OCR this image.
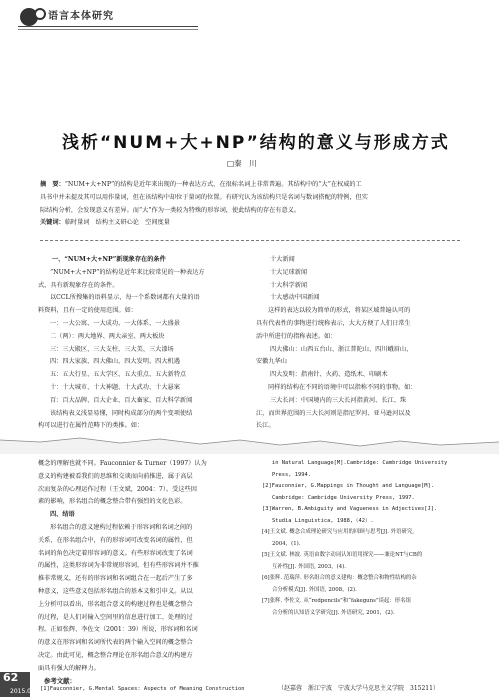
语言本体研究
浅析“NUM+大+NP”结构的意义与形成方式
□秦　川
摘　要：“NUM+大+NP”的结构是近年来出现的一种表达方式，在很标名词上非常普遍。其结构中的“大”在权威的工
具书中并未提及其可以用作量词，但在该结构中却位于量词的位置。有研究认为该结构只是名词与数词搭配的特例，但实
际结构分析，会发现意义有差异。而“大”作为一类较为特殊的形容词，使此结构的存在有意义。
关键词：临时量词　结构主义研心论　空间度量
一、“NUM+大+NP”新现象存在的条件
“NUM+大+NP”的结构是近年来比较常见的一种表达方
式，具有新现象存在的条件。
以CCL所搜集的语料显示，每一个系数词都有大量的语
料资料，且有一定的使用范围。如：
一：一大公寓、一大成功、一大体系、一大盛景
二（两）：两大地界、两大亲室、两大板块
三：三大殿区、三大支柱、三大美、三大漆场
四：四大家族、四大佛山、四大发明、四大机遇
五：五大行星、五大学区、五大重点、五大新特点
十：十大城市、十大神题、十大武功、十大悬案
百：百大品牌、百大企业、百大畜家、百大科学新闻
该结构表义浅显易懂，同时构成部分的两个变项使结
构可以进行在属性范畴下的类推。如：
十大新闻
十大足球新闻
十大科学新闻
十大感动中国新闻
这样的表达以较为简单的形式，将某区域普遍认可的
具有代表性的事物进行统称表示，大大方便了人们日常生
活中所进行的指称表述。如：
四大佛山：山西五台山、浙江普陀山、四川峨眉山、
安徽九华山
四大发明：指南针、火药、造纸术、印刷术
同样的结构在不同的语境中可以指称不同的事物。如：
三大长河：中国境内的三大长河指黄河、长江、珠
江，而世界范围的三大长河则是指尼罗河、亚马逊河以及
长江。
概念的理解也就不同。Fauconnier & Turner（1997）认为
意义的构建被看我们的思维和交谈而向前推进，属于高层
次而复杂的心理运作过程（王文斌，2004：7）。受这些因
素的影响，形名组合的概念整合带有强烈的文化色彩。
四、结语
形名组合的意义建构过程依赖于形容词和名词之间的
关系，在形名组合中，有的形容词可改变名词的属性，但
名词的角色决定着形容词的意义。有些形容词改变了名词
的属性，这类形容词为非常规形容词，但有些形容词并不推
推非常规义，还有的形容词和名词组合在一起后产生了多
种意义，这些意义包括形名组合的基本义和引申义。从以
上分析可以看出，形名组合意义的构建过程也是概念整合
的过程，是人们对输入空间里的信息进行加工、处理的过
程。正如张辉、李佐文（2001：39）所说，形容词和名词
的意义在形容词和名词所代表的两个输入空间的概念整合
决定。由此可见，概念整合理论在形名组合意义的构建方
面具有强大的解释力。
参考文献：
[1]Fauconnier, G.Mental Spaces: Aspects of Meaning Construction
in Natural Language[M].Cambridge: Cambridge University
Press, 1994.
[2]Fauconnier, G.Mappings in Thought and Language[M].
Cambridge: Cambridge University Press, 1997.
[3]Warren, B.Ambiguity and Vagueness in Adjectives[J].
Studia Linguistica, 1988,（42）.
[4]王文斌. 概念合成理论研究与应用的回顾与思考[J]. 外语研究,
2004，(1).
[5]王文斌. 林波. 英语由数字动词认知语用探究——兼论NT与CB的
互补性[J]. 外国语, 2003，(4).
[6]张辉. 范瑞萍. 形名组合的意义建构：概念整合和物性结构的杂
合分析模式[J]. 外国语, 2008，(2).
[7]张辉. 李佐文. 从“redpencils”和“fakeguns”谈起：形名组
合分析的认知语义学研究[J]. 外语研究, 2001，(2).
（赵嘉蓉　浙江宁波　宁波大学马克思主义学院　315211）
62
2015.02
